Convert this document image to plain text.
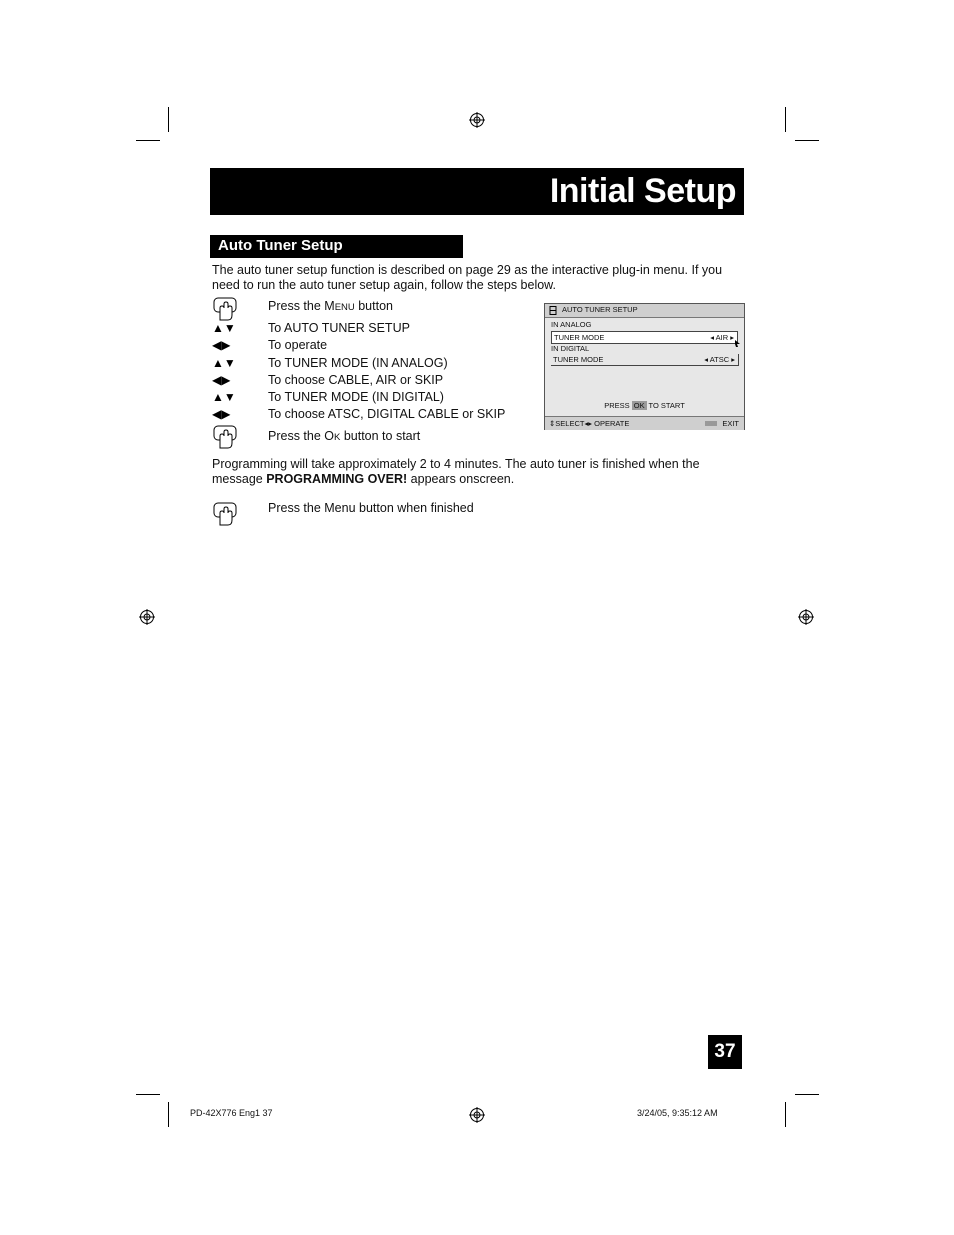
Initial Setup
Auto Tuner Setup
The auto tuner setup function is described on page 29 as the interactive plug-in menu. If you
need to run the auto tuner setup again, follow the steps below.
Press the MENU button
▲▼	To AUTO TUNER SETUP
◀▶	To operate
▲▼	To TUNER MODE (IN ANALOG)
◀▶	To choose CABLE, AIR or SKIP
▲▼	To TUNER MODE (IN DIGITAL)
◀▶	To choose ATSC, DIGITAL CABLE or SKIP
Press the OK button to start
AUTO TUNER SETUP
IN ANALOG
TUNER MODE	◂ AIR ▸
IN DIGITAL
TUNER MODE	◂ ATSC ▸
PRESS OK TO START
⇕SELECT◂▸ OPERATE	MENU EXIT
Programming will take approximately 2 to 4 minutes. The auto tuner is finished when the
message PROGRAMMING OVER! appears onscreen.
Press the Menu button when finished
37
PD-42X776 Eng1 37	3/24/05, 9:35:12 AM
